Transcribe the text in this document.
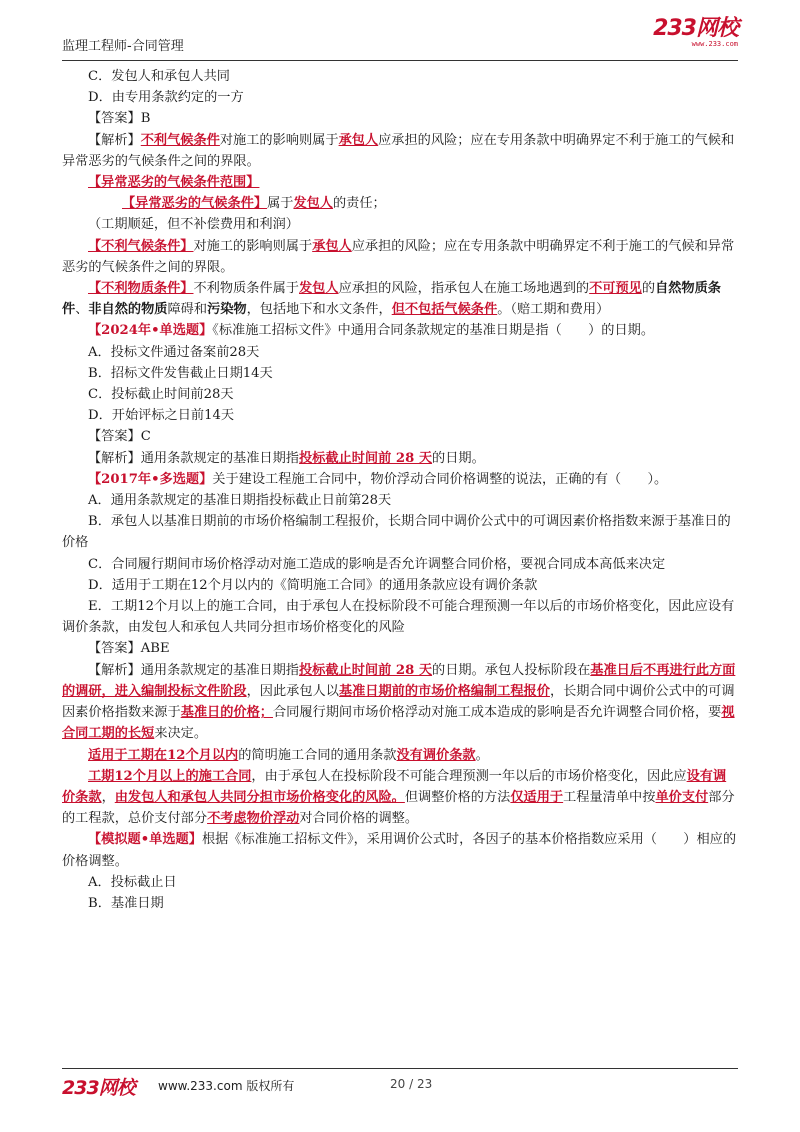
监理工程师-合同管理
233网校
www.233.com

C．发包人和承包人共同

D．由专用条款约定的一方

【答案】B

【解析】不利气候条件对施工的影响则属于承包人应承担的风险；应在专用条款中明确界定不利于施工的气候和异常恶劣的气候条件之间的界限。

【异常恶劣的气候条件范围】

【异常恶劣的气候条件】属于发包人的责任；

（工期顺延，但不补偿费用和利润）

【不利气候条件】对施工的影响则属于承包人应承担的风险；应在专用条款中明确界定不利于施工的气候和异常恶劣的气候条件之间的界限。

【不利物质条件】不利物质条件属于发包人应承担的风险，指承包人在施工场地遇到的不可预见的自然物质条件、非自然的物质障碍和污染物，包括地下和水文条件，但不包括气候条件。（赔工期和费用）

【2024年•单选题】《标准施工招标文件》中通用合同条款规定的基准日期是指（　　）的日期。

A．投标文件通过备案前28天

B．招标文件发售截止日期14天

C．投标截止时间前28天

D．开始评标之日前14天

【答案】C

【解析】通用条款规定的基准日期指投标截止时间前 28 天的日期。

【2017年•多选题】关于建设工程施工合同中，物价浮动合同价格调整的说法，正确的有（　　）。

A．通用条款规定的基准日期指投标截止日前第28天

B．承包人以基准日期前的市场价格编制工程报价，长期合同中调价公式中的可调因素价格指数来源于基准日的价格

C．合同履行期间市场价格浮动对施工造成的影响是否允许调整合同价格，要视合同成本高低来决定

D．适用于工期在12个月以内的《简明施工合同》的通用条款应设有调价条款

E．工期12个月以上的施工合同，由于承包人在投标阶段不可能合理预测一年以后的市场价格变化，因此应设有调价条款，由发包人和承包人共同分担市场价格变化的风险

【答案】ABE

【解析】通用条款规定的基准日期指投标截止时间前 28 天的日期。承包人投标阶段在基准日后不再进行此方面的调研，进入编制投标文件阶段，因此承包人以基准日期前的市场价格编制工程报价，长期合同中调价公式中的可调因素价格指数来源于基准日的价格；合同履行期间市场价格浮动对施工成本造成的影响是否允许调整合同价格，要视合同工期的长短来决定。

适用于工期在12个月以内的简明施工合同的通用条款没有调价条款。

工期12个月以上的施工合同，由于承包人在投标阶段不可能合理预测一年以后的市场价格变化，因此应设有调价条款，由发包人和承包人共同分担市场价格变化的风险。但调整价格的方法仅适用于工程量清单中按单价支付部分的工程款，总价支付部分不考虑物价浮动对合同价格的调整。

【模拟题•单选题】根据《标准施工招标文件》，采用调价公式时，各因子的基本价格指数应采用（　　）相应的价格调整。

A．投标截止日

B．基准日期

233网校 www.233.com 版权所有	20 / 23
